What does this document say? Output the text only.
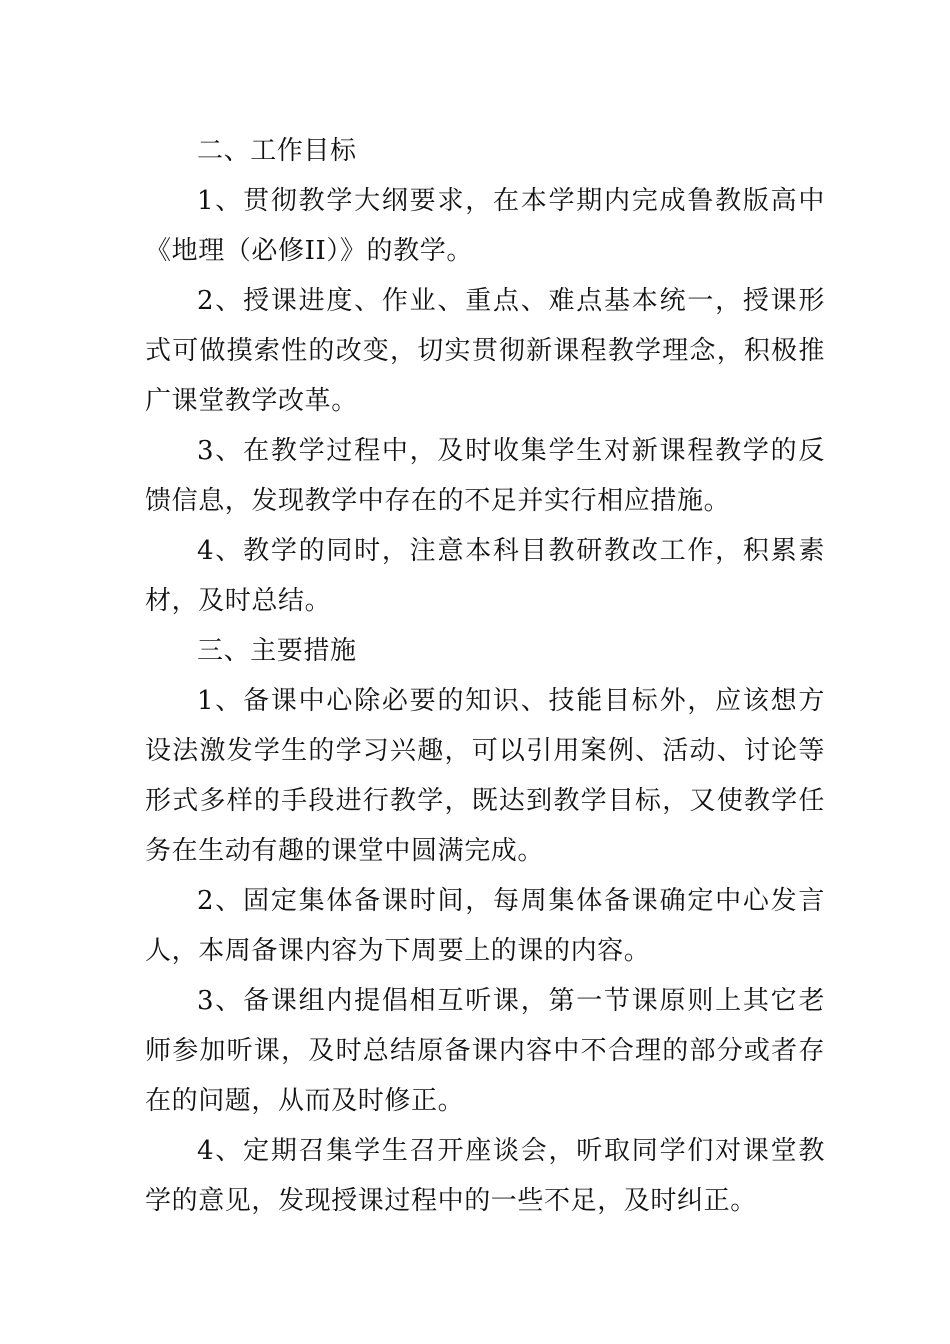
二、工作目标

1、贯彻教学大纲要求，在本学期内完成鲁教版高中《地理（必修II）》的教学。

2、授课进度、作业、重点、难点基本统一，授课形式可做摸索性的改变，切实贯彻新课程教学理念，积极推广课堂教学改革。

3、在教学过程中，及时收集学生对新课程教学的反馈信息，发现教学中存在的不足并实行相应措施。

4、教学的同时，注意本科目教研教改工作，积累素材，及时总结。

三、主要措施

1、备课中心除必要的知识、技能目标外，应该想方设法激发学生的学习兴趣，可以引用案例、活动、讨论等形式多样的手段进行教学，既达到教学目标，又使教学任务在生动有趣的课堂中圆满完成。

2、固定集体备课时间，每周集体备课确定中心发言人，本周备课内容为下周要上的课的内容。

3、备课组内提倡相互听课，第一节课原则上其它老师参加听课，及时总结原备课内容中不合理的部分或者存在的问题，从而及时修正。

4、定期召集学生召开座谈会，听取同学们对课堂教学的意见，发现授课过程中的一些不足，及时纠正。
